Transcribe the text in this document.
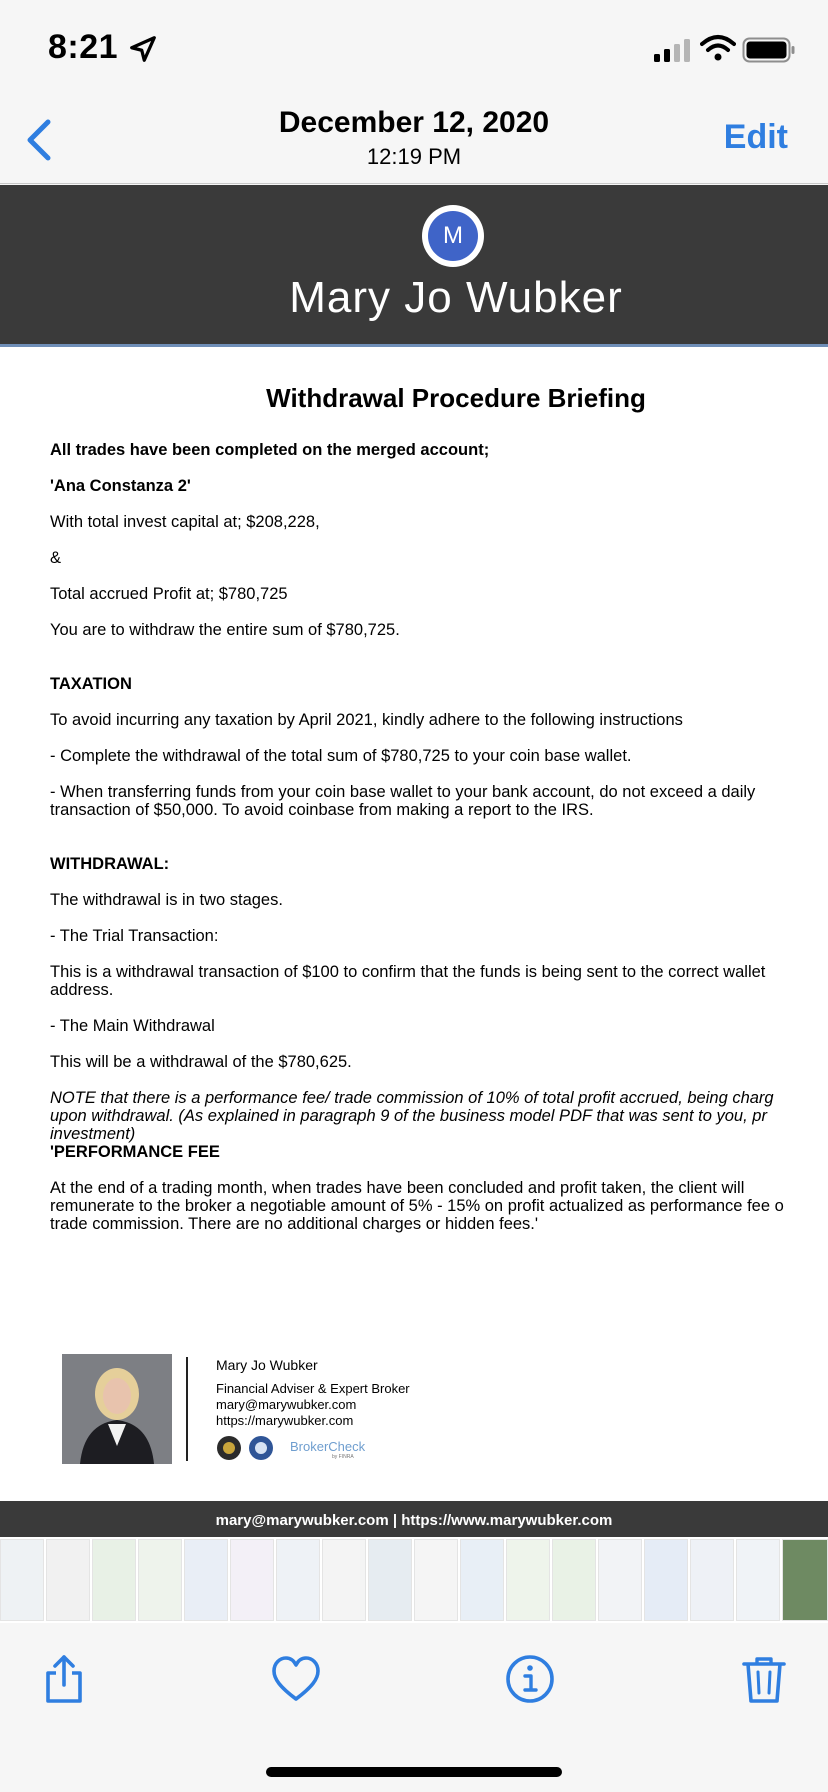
8:21
December 12, 2020
12:19 PM
Edit
M
Mary Jo Wubker
Withdrawal Procedure Briefing
All trades have been completed on the merged account;
'Ana Constanza 2'
With total invest capital at; $208,228,
&
Total accrued Profit at; $780,725
You are to withdraw the entire sum of $780,725.
TAXATION
To avoid incurring any taxation by April 2021, kindly adhere to the following instructions
- Complete the withdrawal of the total sum of $780,725 to your coin base wallet.
- When transferring funds from your coin base wallet to your bank account, do not exceed a daily
transaction of $50,000. To avoid coinbase from making a report to the IRS.
WITHDRAWAL:
The withdrawal is in two stages.
- The Trial Transaction:
This is a withdrawal transaction of $100 to confirm that the funds is being sent to the correct wallet
address.
- The Main Withdrawal
This will be a withdrawal of the $780,625.
NOTE that there is a performance fee/ trade commission of 10% of total profit accrued, being charg
upon withdrawal. (As explained in paragraph 9 of the business model PDF that was sent to you, pr
investment)
'PERFORMANCE FEE
At the end of a trading month, when trades have been concluded and profit taken, the client will
remunerate to the broker a negotiable amount of 5% - 15% on profit actualized as performance fee o
trade commission. There are no additional charges or hidden fees.'
Mary Jo Wubker
Financial Adviser & Expert Broker
mary@marywubker.com
https://marywubker.com
BrokerCheck
by FINRA
mary@marywubker.com | https://www.marywubker.com
